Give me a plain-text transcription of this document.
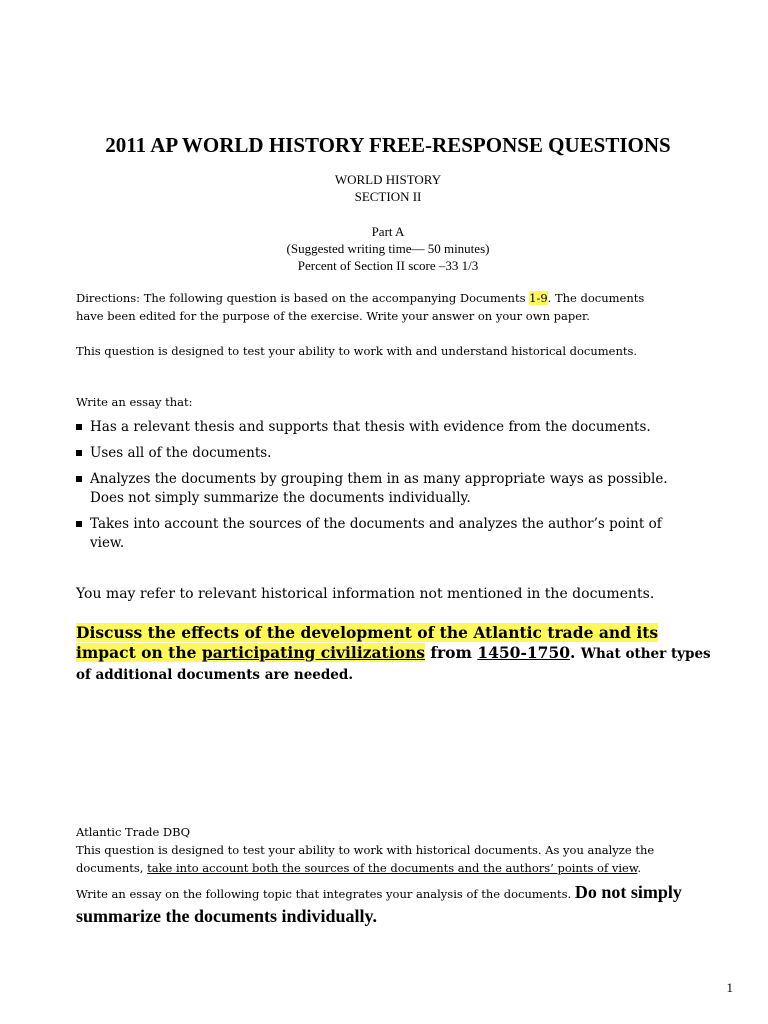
2011 AP WORLD HISTORY FREE-RESPONSE QUESTIONS
WORLD HISTORY
SECTION II
Part A
(Suggested writing time— 50 minutes)
Percent of Section II score –33 1/3
Directions: The following question is based on the accompanying Documents 1-9. The documents
have been edited for the purpose of the exercise. Write your answer on your own paper.
This question is designed to test your ability to work with and understand historical documents.
Write an essay that:
Has a relevant thesis and supports that thesis with evidence from the documents.
Uses all of the documents.
Analyzes the documents by grouping them in as many appropriate ways as possible. Does not simply summarize the documents individually.
Takes into account the sources of the documents and analyzes the author’s point of view.
You may refer to relevant historical information not mentioned in the documents.
Discuss the effects of the development of the Atlantic trade and its impact on the participating civilizations from 1450-1750. What other types of additional documents are needed.
Atlantic Trade DBQ
This question is designed to test your ability to work with historical documents. As you analyze the
documents, take into account both the sources of the documents and the authors’ points of view.
Write an essay on the following topic that integrates your analysis of the documents. Do not simply summarize the documents individually.
1
